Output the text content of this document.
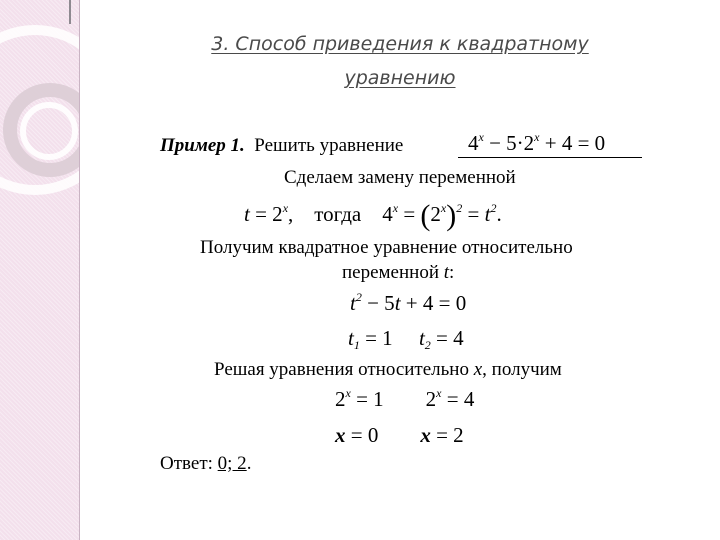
3. Способ приведения к квадратному
уравнению
Пример 1. Решить уравнение	$4^x - 5\cdot 2^x + 4 = 0$
Сделаем замену переменной
$t = 2^x$,    тогда    $4^x = (2^x)^2 = t^2$.
Получим квадратное уравнение относительно
переменной t:
$t^2 - 5t + 4 = 0$
$t_1 = 1$     $t_2 = 4$
Решая уравнения относительно x, получим
$2^x = 1$        $2^x = 4$
x = 0        x = 2
Ответ: 0; 2.
